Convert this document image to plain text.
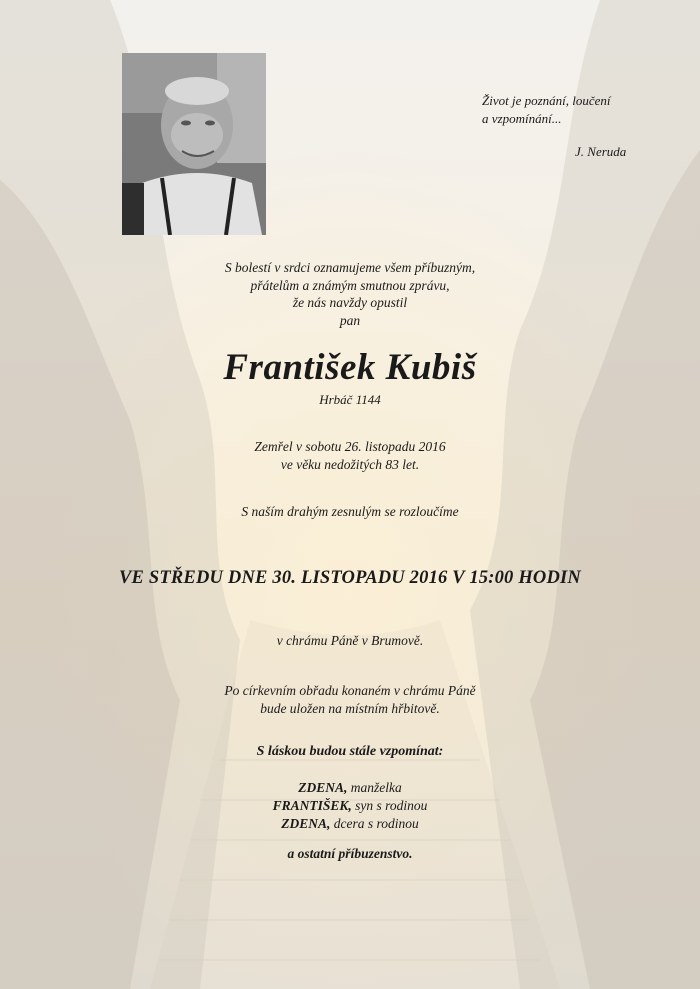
Život je poznání, loučení
a vzpomínání...
J. Neruda
S bolestí v srdci oznamujeme všem příbuzným,
přátelům a známým smutnou zprávu,
že nás navždy opustil
pan
František Kubiš
Hrbáč 1144
Zemřel v sobotu 26. listopadu 2016
ve věku nedožitých 83 let.
S naším drahým zesnulým se rozloučíme
VE STŘEDU DNE 30. LISTOPADU 2016 V 15:00 HODIN
v chrámu Páně v Brumově.
Po církevním obřadu konaném v chrámu Páně
bude uložen na místním hřbitově.
S láskou budou stále vzpomínat:
ZDENA, manželka
FRANTIŠEK, syn s rodinou
ZDENA, dcera s rodinou
a ostatní příbuzenstvo.
